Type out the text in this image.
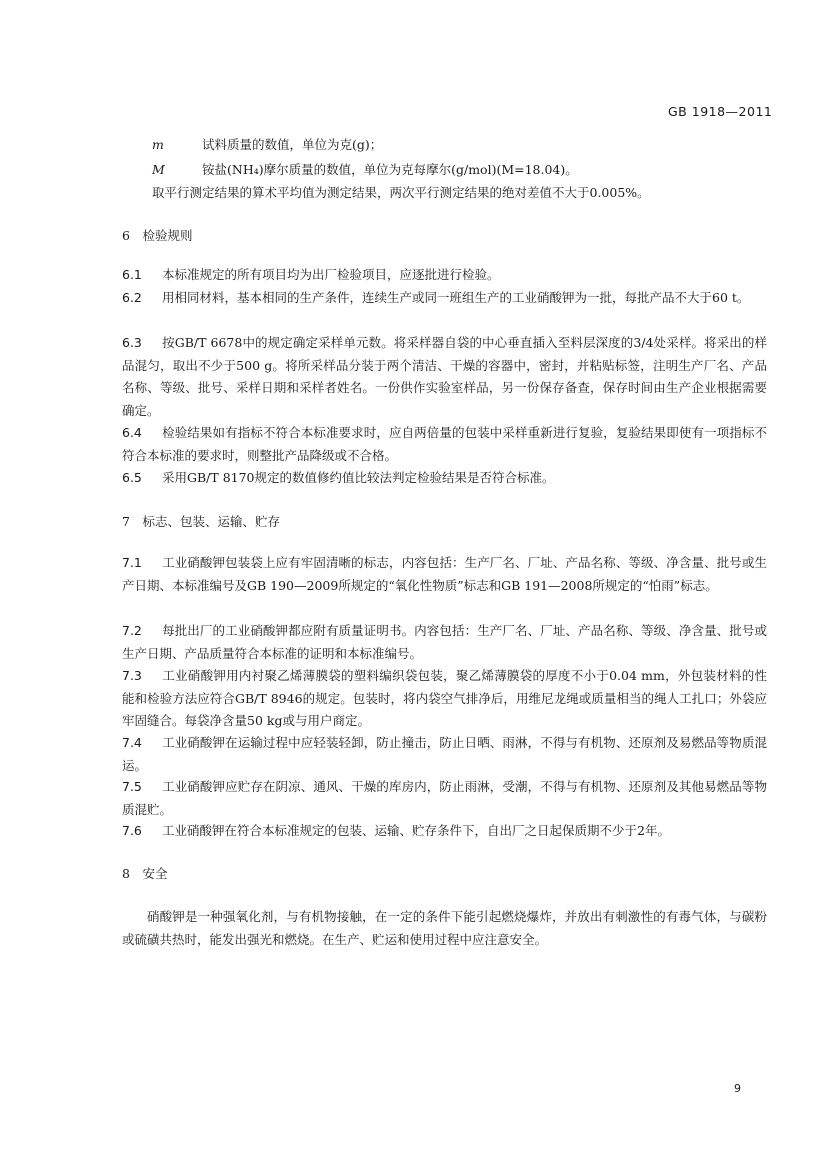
GB 1918—2011
m	试料质量的数值，单位为克(g)；
M	铵盐(NH₄)摩尔质量的数值，单位为克每摩尔(g/mol)(M=18.04)。
取平行测定结果的算术平均值为测定结果，两次平行测定结果的绝对差值不大于0.005%。
6　检验规则
6.1 本标准规定的所有项目均为出厂检验项目，应逐批进行检验。
6.2 用相同材料，基本相同的生产条件，连续生产或同一班组生产的工业硝酸钾为一批，每批产品不大于60 t。
6.3 按GB/T 6678中的规定确定采样单元数。将采样器自袋的中心垂直插入至料层深度的3/4处采样。将采出的样品混匀，取出不少于500 g。将所采样品分装于两个清洁、干燥的容器中，密封，并粘贴标签，注明生产厂名、产品名称、等级、批号、采样日期和采样者姓名。一份供作实验室样品，另一份保存备查，保存时间由生产企业根据需要确定。
6.4 检验结果如有指标不符合本标准要求时，应自两倍量的包装中采样重新进行复验，复验结果即使有一项指标不符合本标准的要求时，则整批产品降级或不合格。
6.5 采用GB/T 8170规定的数值修约值比较法判定检验结果是否符合标准。
7　标志、包装、运输、贮存
7.1 工业硝酸钾包装袋上应有牢固清晰的标志，内容包括：生产厂名、厂址、产品名称、等级、净含量、批号或生产日期、本标准编号及GB 190—2009所规定的“氧化性物质”标志和GB 191—2008所规定的“怕雨”标志。
7.2 每批出厂的工业硝酸钾都应附有质量证明书。内容包括：生产厂名、厂址、产品名称、等级、净含量、批号或生产日期、产品质量符合本标准的证明和本标准编号。
7.3 工业硝酸钾用内衬聚乙烯薄膜袋的塑料编织袋包装，聚乙烯薄膜袋的厚度不小于0.04 mm，外包装材料的性能和检验方法应符合GB/T 8946的规定。包装时，将内袋空气排净后，用维尼龙绳或质量相当的绳人工扎口；外袋应牢固缝合。每袋净含量50 kg或与用户商定。
7.4 工业硝酸钾在运输过程中应轻装轻卸，防止撞击，防止日晒、雨淋，不得与有机物、还原剂及易燃品等物质混运。
7.5 工业硝酸钾应贮存在阴凉、通风、干燥的库房内，防止雨淋，受潮，不得与有机物、还原剂及其他易燃品等物质混贮。
7.6 工业硝酸钾在符合本标准规定的包装、运输、贮存条件下，自出厂之日起保质期不少于2年。
8　安全
硝酸钾是一种强氧化剂，与有机物接触，在一定的条件下能引起燃烧爆炸，并放出有刺激性的有毒气体，与碳粉或硫磺共热时，能发出强光和燃烧。在生产、贮运和使用过程中应注意安全。
9
